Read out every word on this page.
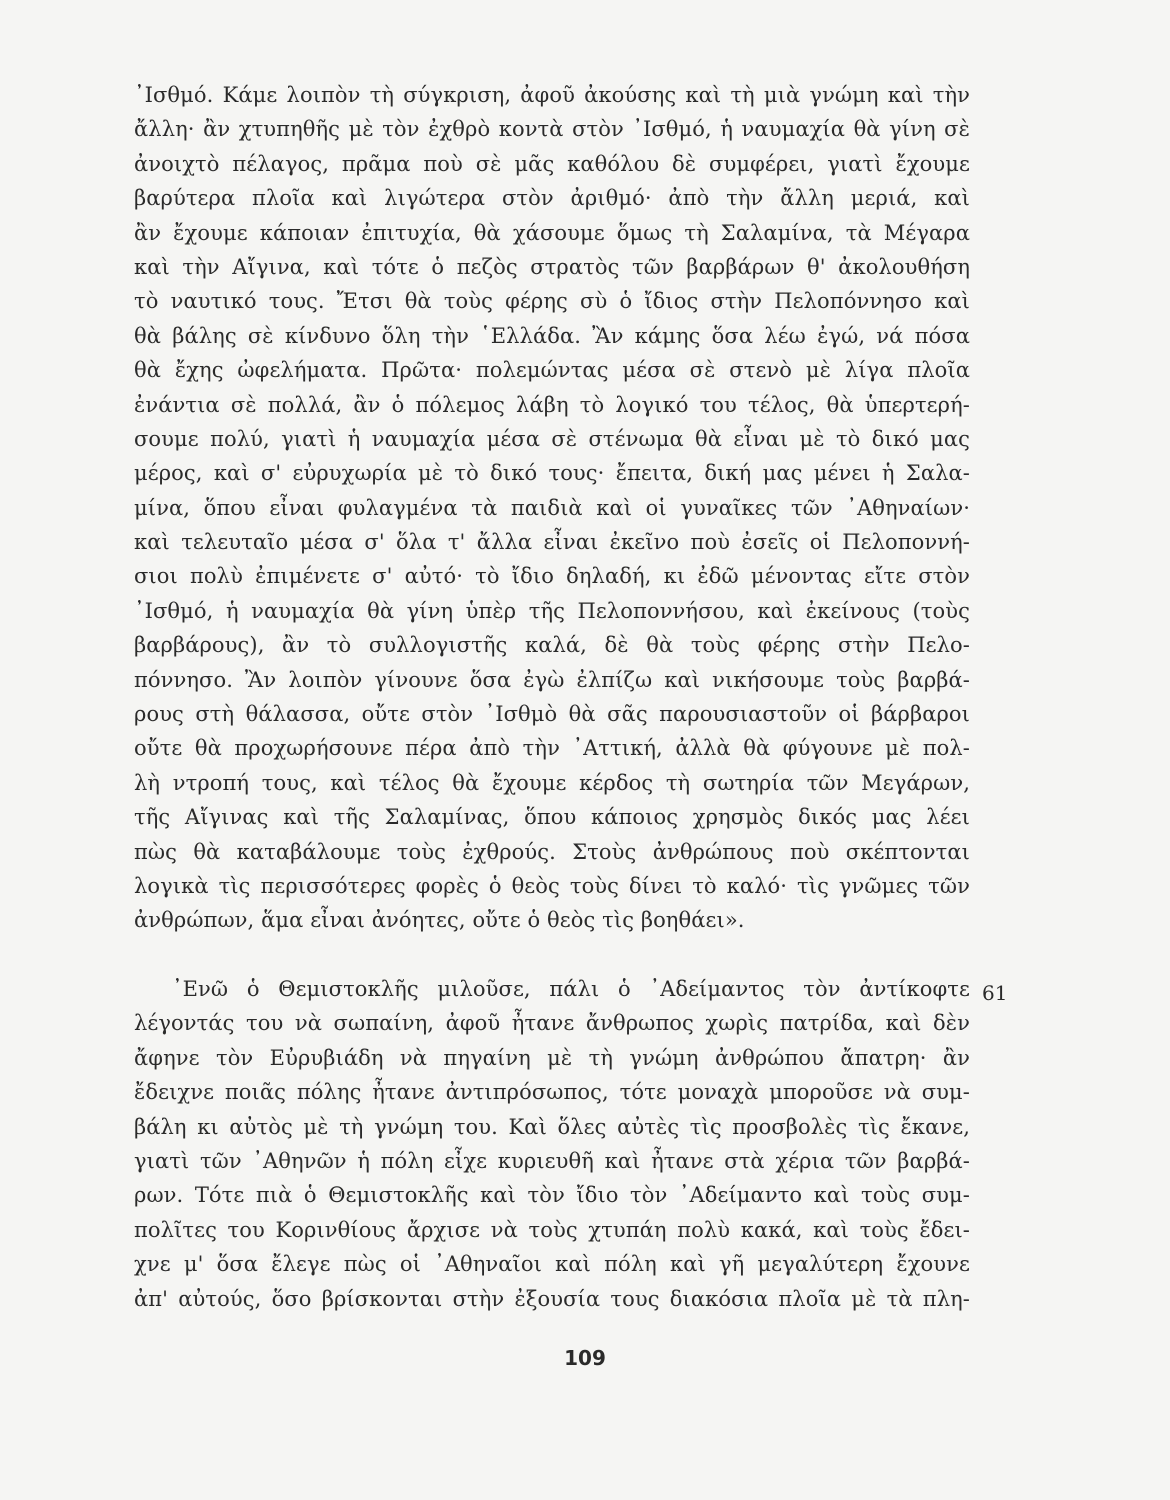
᾿Ισθμό. Κάμε λοιπὸν τὴ σύγκριση, ἀφοῦ ἀκούσης καὶ τὴ μιὰ γνώμη καὶ τὴν
ἄλλη· ἂν χτυπηθῆς μὲ τὸν ἐχθρὸ κοντὰ στὸν ᾿Ισθμό, ἡ ναυμαχία θὰ γίνη σὲ
ἀνοιχτὸ πέλαγος, πρᾶμα ποὺ σὲ μᾶς καθόλου δὲ συμφέρει, γιατὶ ἔχουμε
βαρύτερα πλοῖα καὶ λιγώτερα στὸν ἀριθμό· ἀπὸ τὴν ἄλλη μεριά, καὶ
ἂν ἔχουμε κάποιαν ἐπιτυχία, θὰ χάσουμε ὅμως τὴ Σαλαμίνα, τὰ Μέγαρα
καὶ τὴν Αἴγινα, καὶ τότε ὁ πεζὸς στρατὸς τῶν βαρβάρων θ' ἀκολουθήση
τὸ ναυτικό τους. Ἔτσι θὰ τοὺς φέρης σὺ ὁ ἴδιος στὴν Πελοπόννησο καὶ
θὰ βάλης σὲ κίνδυνο ὅλη τὴν ῾Ελλάδα. Ἂν κάμης ὅσα λέω ἐγώ, νά πόσα
θὰ ἔχης ὠφελήματα. Πρῶτα· πολεμώντας μέσα σὲ στενὸ μὲ λίγα πλοῖα
ἐνάντια σὲ πολλά, ἂν ὁ πόλεμος λάβη τὸ λογικό του τέλος, θὰ ὑπερτερή-
σουμε πολύ, γιατὶ ἡ ναυμαχία μέσα σὲ στένωμα θὰ εἶναι μὲ τὸ δικό μας
μέρος, καὶ σ' εὐρυχωρία μὲ τὸ δικό τους· ἔπειτα, δική μας μένει ἡ Σαλα-
μίνα, ὅπου εἶναι φυλαγμένα τὰ παιδιὰ καὶ οἱ γυναῖκες τῶν ᾿Αθηναίων·
καὶ τελευταῖο μέσα σ' ὅλα τ' ἄλλα εἶναι ἐκεῖνο ποὺ ἐσεῖς οἱ Πελοποννή-
σιοι πολὺ ἐπιμένετε σ' αὐτό· τὸ ἴδιο δηλαδή, κι ἐδῶ μένοντας εἴτε στὸν
᾿Ισθμό, ἡ ναυμαχία θὰ γίνη ὑπὲρ τῆς Πελοποννήσου, καὶ ἐκείνους (τοὺς
βαρβάρους), ἂν τὸ συλλογιστῆς καλά, δὲ θὰ τοὺς φέρης στὴν Πελο-
πόννησο. Ἂν λοιπὸν γίνουνε ὅσα ἐγὼ ἐλπίζω καὶ νικήσουμε τοὺς βαρβά-
ρους στὴ θάλασσα, οὔτε στὸν ᾿Ισθμὸ θὰ σᾶς παρουσιαστοῦν οἱ βάρβαροι
οὔτε θὰ προχωρήσουνε πέρα ἀπὸ τὴν ᾿Αττική, ἀλλὰ θὰ φύγουνε μὲ πολ-
λὴ ντροπή τους, καὶ τέλος θὰ ἔχουμε κέρδος τὴ σωτηρία τῶν Μεγάρων,
τῆς Αἴγινας καὶ τῆς Σαλαμίνας, ὅπου κάποιος χρησμὸς δικός μας λέει
πὼς θὰ καταβάλουμε τοὺς ἐχθρούς. Στοὺς ἀνθρώπους ποὺ σκέπτονται
λογικὰ τὶς περισσότερες φορὲς ὁ θεὸς τοὺς δίνει τὸ καλό· τὶς γνῶμες τῶν
ἀνθρώπων, ἅμα εἶναι ἀνόητες, οὔτε ὁ θεὸς τὶς βοηθάει».
᾿Ενῶ ὁ Θεμιστοκλῆς μιλοῦσε, πάλι ὁ ᾿Αδείμαντος τὸν ἀντίκοφτε
λέγοντάς του νὰ σωπαίνη, ἀφοῦ ἦτανε ἄνθρωπος χωρὶς πατρίδα, καὶ δὲν
ἄφηνε τὸν Εὐρυβιάδη νὰ πηγαίνη μὲ τὴ γνώμη ἀνθρώπου ἄπατρη· ἂν
ἔδειχνε ποιᾶς πόλης ἦτανε ἀντιπρόσωπος, τότε μοναχὰ μποροῦσε νὰ συμ-
βάλη κι αὐτὸς μὲ τὴ γνώμη του. Καὶ ὅλες αὐτὲς τὶς προσβολὲς τὶς ἔκανε,
γιατὶ τῶν ᾿Αθηνῶν ἡ πόλη εἶχε κυριευθῆ καὶ ἦτανε στὰ χέρια τῶν βαρβά-
ρων. Τότε πιὰ ὁ Θεμιστοκλῆς καὶ τὸν ἴδιο τὸν ᾿Αδείμαντο καὶ τοὺς συμ-
πολῖτες του Κορινθίους ἄρχισε νὰ τοὺς χτυπάη πολὺ κακά, καὶ τοὺς ἔδει-
χνε μ' ὅσα ἔλεγε πὼς οἱ ᾿Αθηναῖοι καὶ πόλη καὶ γῆ μεγαλύτερη ἔχουνε
ἀπ' αὐτούς, ὅσο βρίσκονται στὴν ἐξουσία τους διακόσια πλοῖα μὲ τὰ πλη-
61
109
